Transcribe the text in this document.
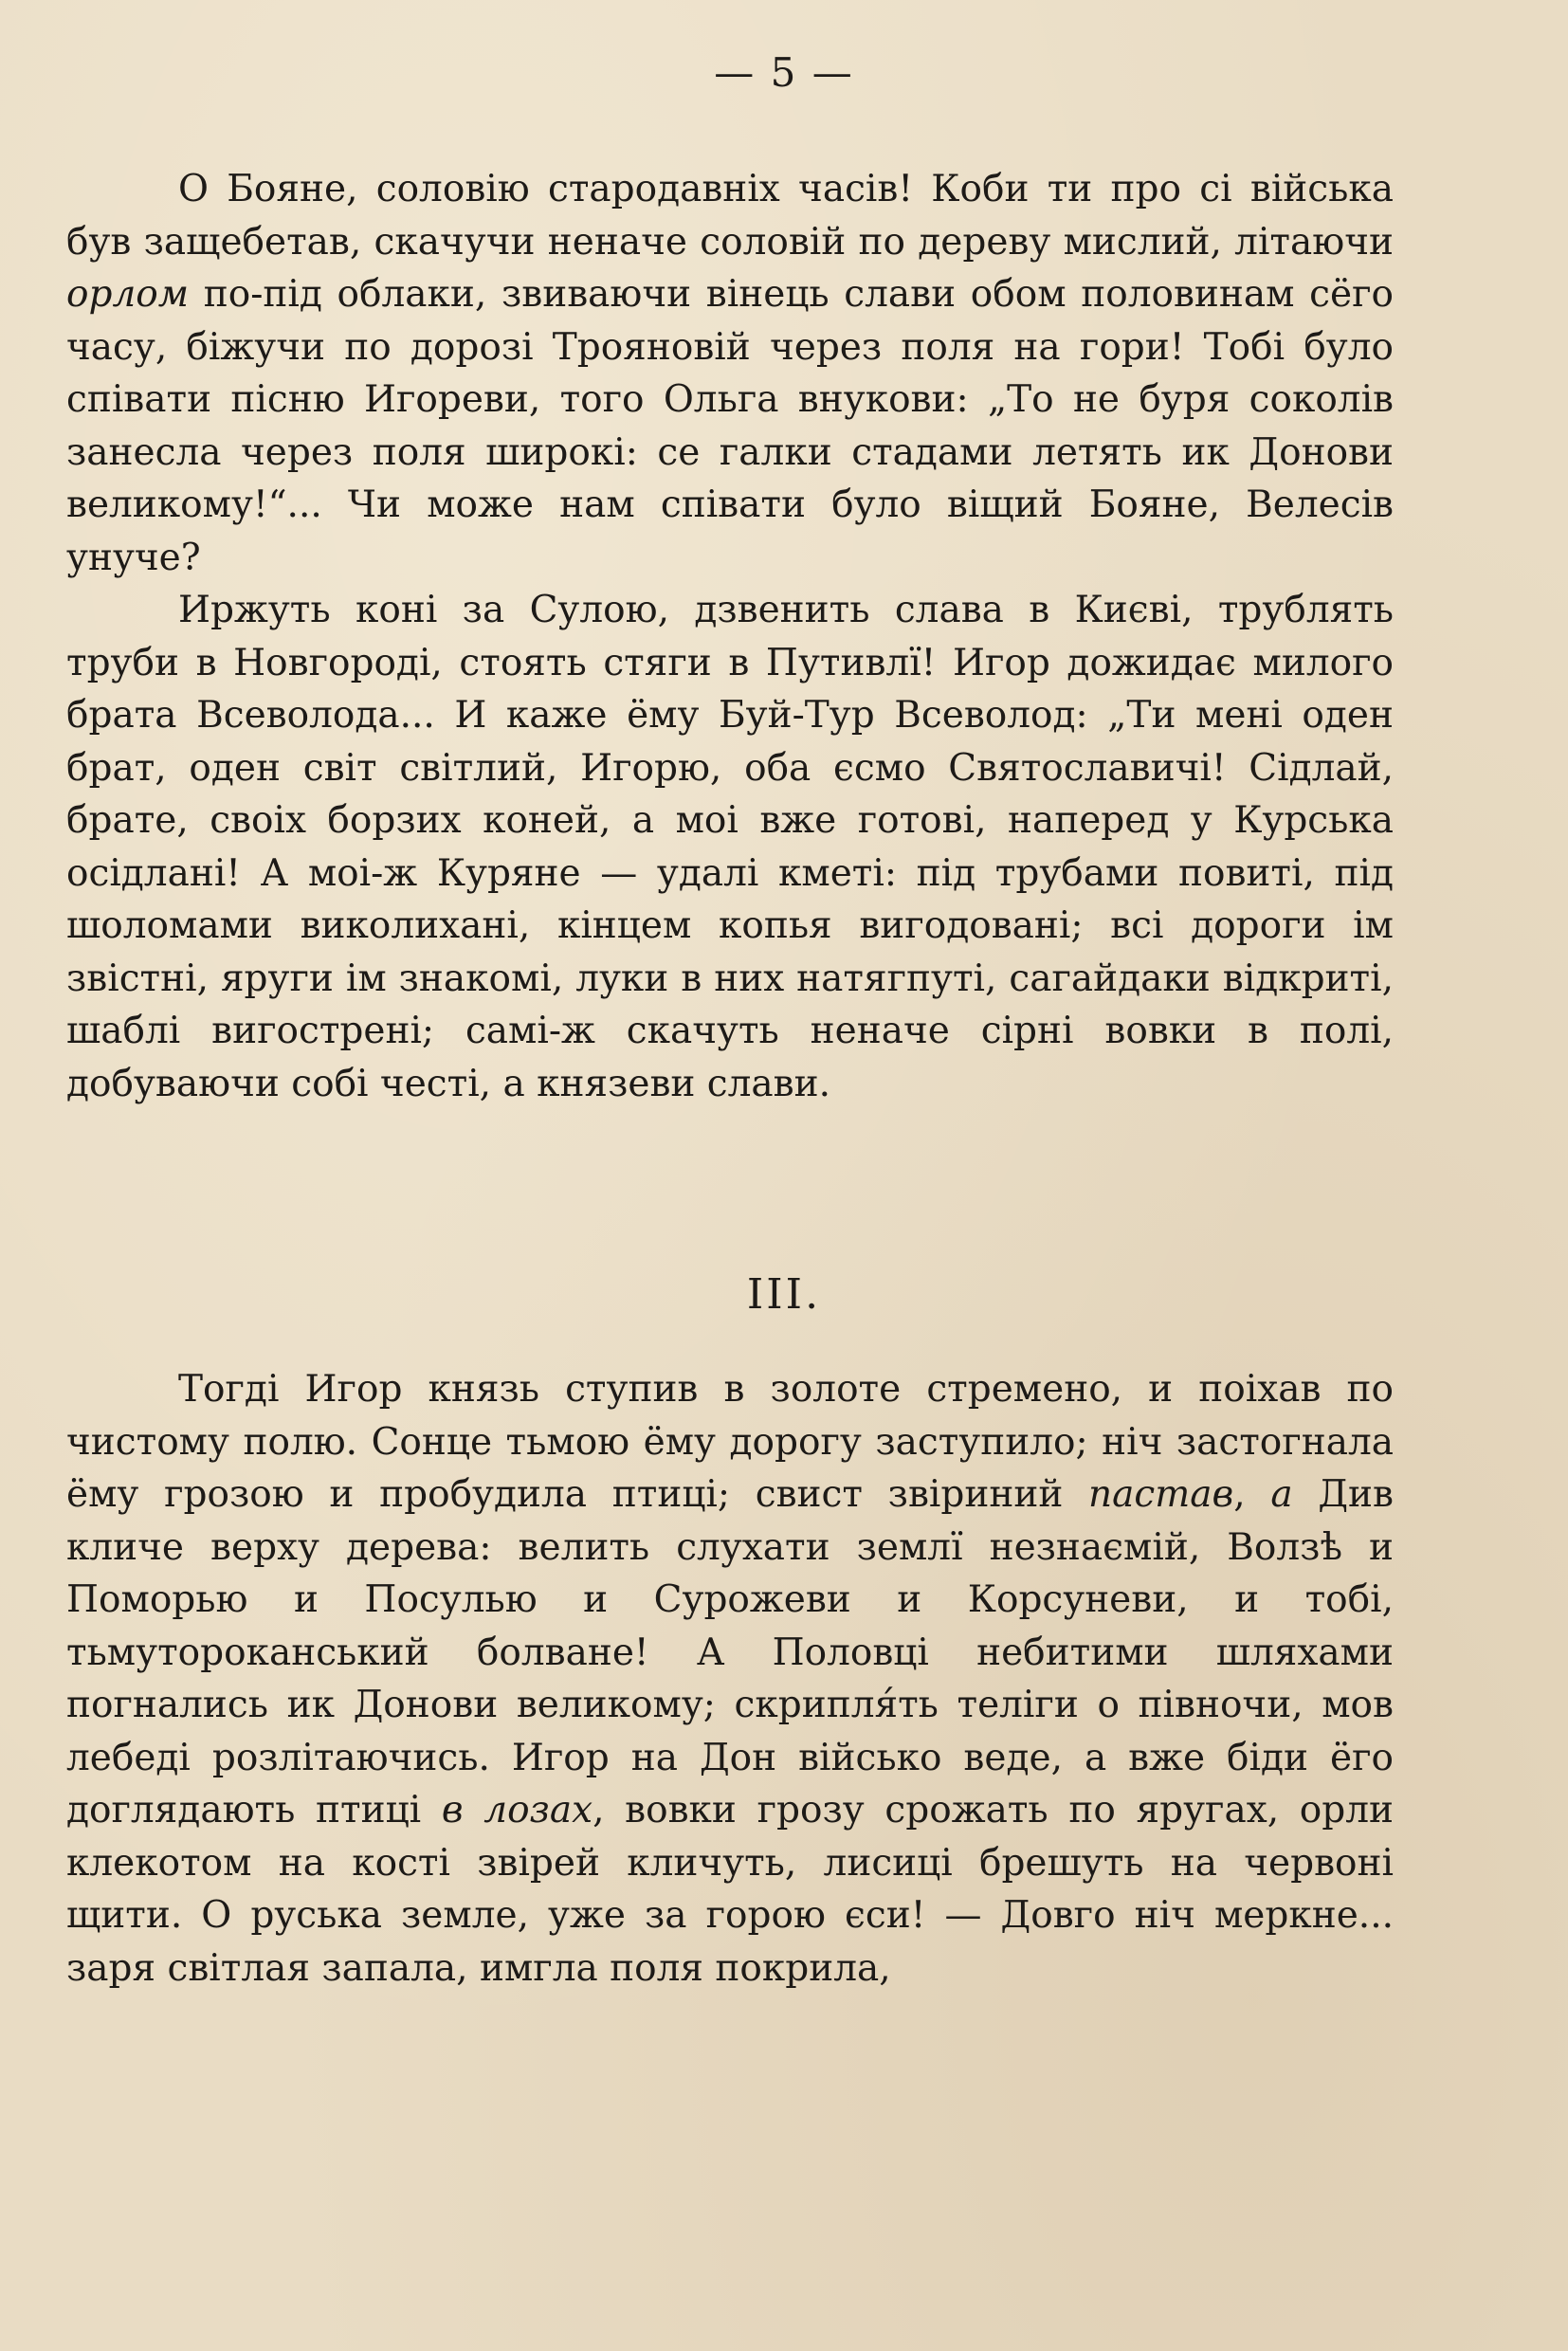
— 5 —

О Бояне, соловію стародавніх часів! Коби ти про сі війська був защебетав, скачучи неначе соловій по дереву мислий, літаючи орлом по-під облаки, звиваючи вінець слави обом половинам сёго часу, біжучи по дорозі Трояновій через поля на гори! Тобі було співати пісню Игореви, того Ольга внукови: „То не буря соколів занесла через поля широкі: се галки стадами летять ик Донови великому!“... Чи може нам співати було віщий Бояне, Велесів унуче?

Иржуть коні за Сулою, дзвенить слава в Києві, трублять труби в Новгороді, стоять стяги в Путивлї! Игор дожидає милого брата Всеволода... И каже ёму Буй-Тур Всеволод: „Ти мені оден брат, оден світ світлий, Игорю, оба єсмо Святославичі! Сідлай, брате, своіх борзих коней, а моі вже готові, наперед у Курська осідлані! А моі-ж Куряне — удалі кметі: під трубами повиті, під шоломами виколихані, кінцем копья вигодовані; всі дороги ім звістні, яруги ім знакомі, луки в них натягпуті, сагайдаки відкриті, шаблі вигострені; самі-ж скачуть неначе сірні вовки в полі, добуваючи собі честі, а князеви слави.

III.

Тогді Игор князь ступив в золоте стремено, и поіхав по чистому полю. Сонце тьмою ёму дорогу заступило; ніч застогнала ёму грозою и пробудила птиці; свист звіриний пастав, а Див кличе верху дерева: велить слухати землї незнаємій, Волзѣ и Поморью и Посулью и Сурожеви и Корсуневи, и тобі, тьмутороканський болване! А Половці небитими шляхами погнались ик Донови великому; скрипля́ть теліги о півночи, мов лебеді розлітаючись. Игор на Дон військо веде, а вже біди ёго доглядають птиці в лозах, вовки грозу срожать по яругах, орли клекотом на кості звірей кличуть, лисиці брешуть на червоні щити. О руська земле, уже за горою єси! — Довго ніч меркне... заря світлая запала, имгла поля покрила,
